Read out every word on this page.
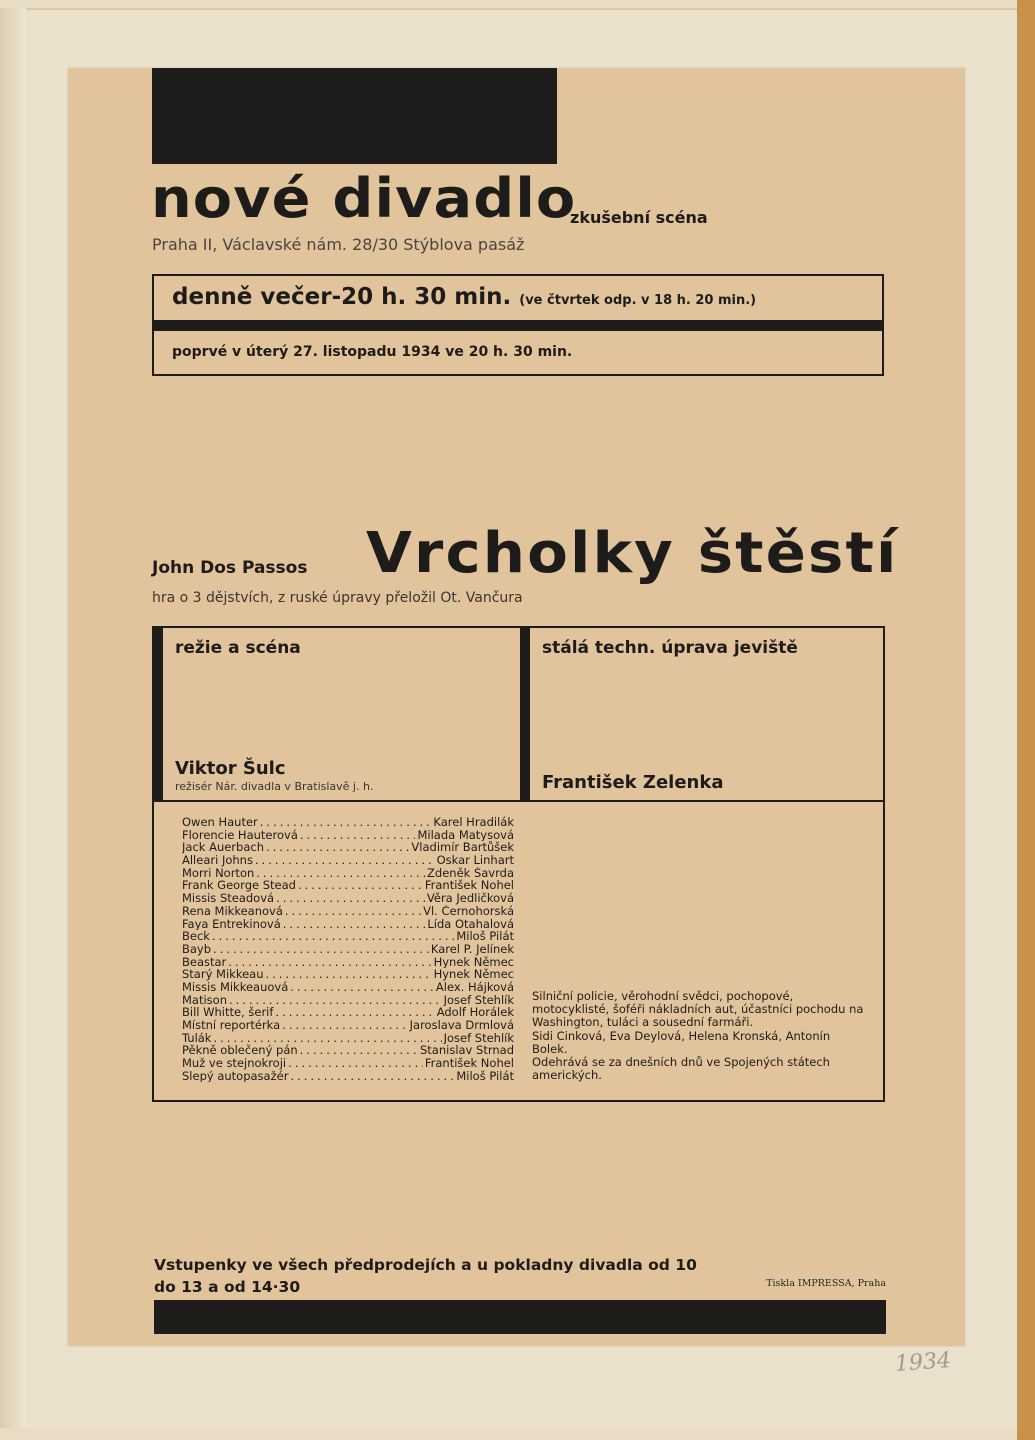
nové divadlo
zkušební scéna
Praha II, Václavské nám. 28/30 Stýblova pasáž
denně večer-20 h. 30 min. (ve čtvrtek odp. v 18 h. 20 min.)
poprvé v úterý 27. listopadu 1934 ve 20 h. 30 min.
John Dos Passos Vrcholky štěstí
hra o 3 dějstvích, z ruské úpravy přeložil Ot. Vančura
režie a scéna
Viktor Šulc
režisér Nár. divadla v Bratislavě j. h.
stálá techn. úprava jeviště
František Zelenka
Owen Hauter .....	Karel Hradilák
Florencie Hauterová .....	Milada Matysová
Jack Auerbach .....	Vladimír Bartůšek
Alleari Johns .....	Oskar Linhart
Morri Norton .....	Zdeněk Šavrda
Frank George Stead .....	František Nohel
Missis Steadová .....	Věra Jedličková
Rena Mikkeanová .....	Vl. Černohorská
Faya Entrekinová .....	Lída Otahalová
Beck .....	Miloš Pilát
Bayb .....	Karel P. Jelínek
Beastar .....	Hynek Němec
Starý Mikkeau .....	Hynek Němec
Missis Mikkeauová .....	Alex. Hájková
Matison .....	Josef Stehlík
Bill Whitte, šerif .....	Adolf Horálek
Místní reportérka .....	Jaroslava Drmlová
Tulák .....	Josef Stehlík
Pěkně oblečený pán .....	Stanislav Strnad
Muž ve stejnokroji .....	František Nohel
Slepý autopasažér .....	Miloš Pilát

Silniční policie, věrohodní svědci, pochopové, motocyklisté, šoféři nákladních aut, účastníci pochodu na Washington, tuláci a sousední farmáři.

Sidi Cinková, Eva Deylová, Helena Kronská, Antonín Bolek.

Odehrává se za dnešních dnů ve Spojených státech amerických.

Vstupenky ve všech předprodejích a u pokladny divadla od 10 do 13 a od 14·30	Tiskla IMPRESSA, Praha
1934
